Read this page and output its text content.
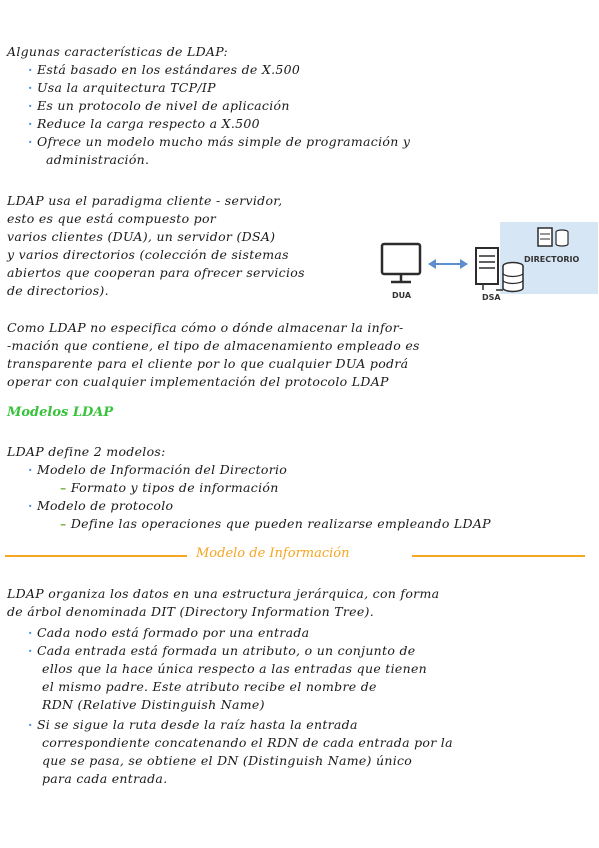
Algunas características de LDAP:
· Está basado en los estándares de X.500
· Usa la arquitectura TCP/IP
· Es un protocolo de nivel de aplicación
· Reduce la carga respecto a X.500
· Ofrece un modelo mucho más simple de programación y
administración.
LDAP usa el paradigma cliente - servidor,
esto es que está compuesto por
varios clientes (DUA), un servidor (DSA)
y varios directorios (colección de sistemas
abiertos que cooperan para ofrecer servicios
de directorios).	DUA	DSA
DIRECTORIO
Como LDAP no especifica cómo o dónde almacenar la infor-
-mación que contiene, el tipo de almacenamiento empleado es
transparente para el cliente por lo que cualquier DUA podrá
operar con cualquier implementación del protocolo LDAP
Modelos LDAP
LDAP define 2 modelos:
· Modelo de Información del Directorio
– Formato y tipos de información
· Modelo de protocolo
– Define las operaciones que pueden realizarse empleando LDAP
Modelo de Información
LDAP organiza los datos en una estructura jerárquica, con forma
de árbol denominada DIT (Directory Information Tree).
· Cada nodo está formado por una entrada
· Cada entrada está formada un atributo, o un conjunto de
ellos que la hace única respecto a las entradas que tienen
el mismo padre. Este atributo recibe el nombre de
RDN (Relative Distinguish Name)
· Si se sigue la ruta desde la raíz hasta la entrada
correspondiente concatenando el RDN de cada entrada por la
que se pasa, se obtiene el DN (Distinguish Name) único
para cada entrada.
